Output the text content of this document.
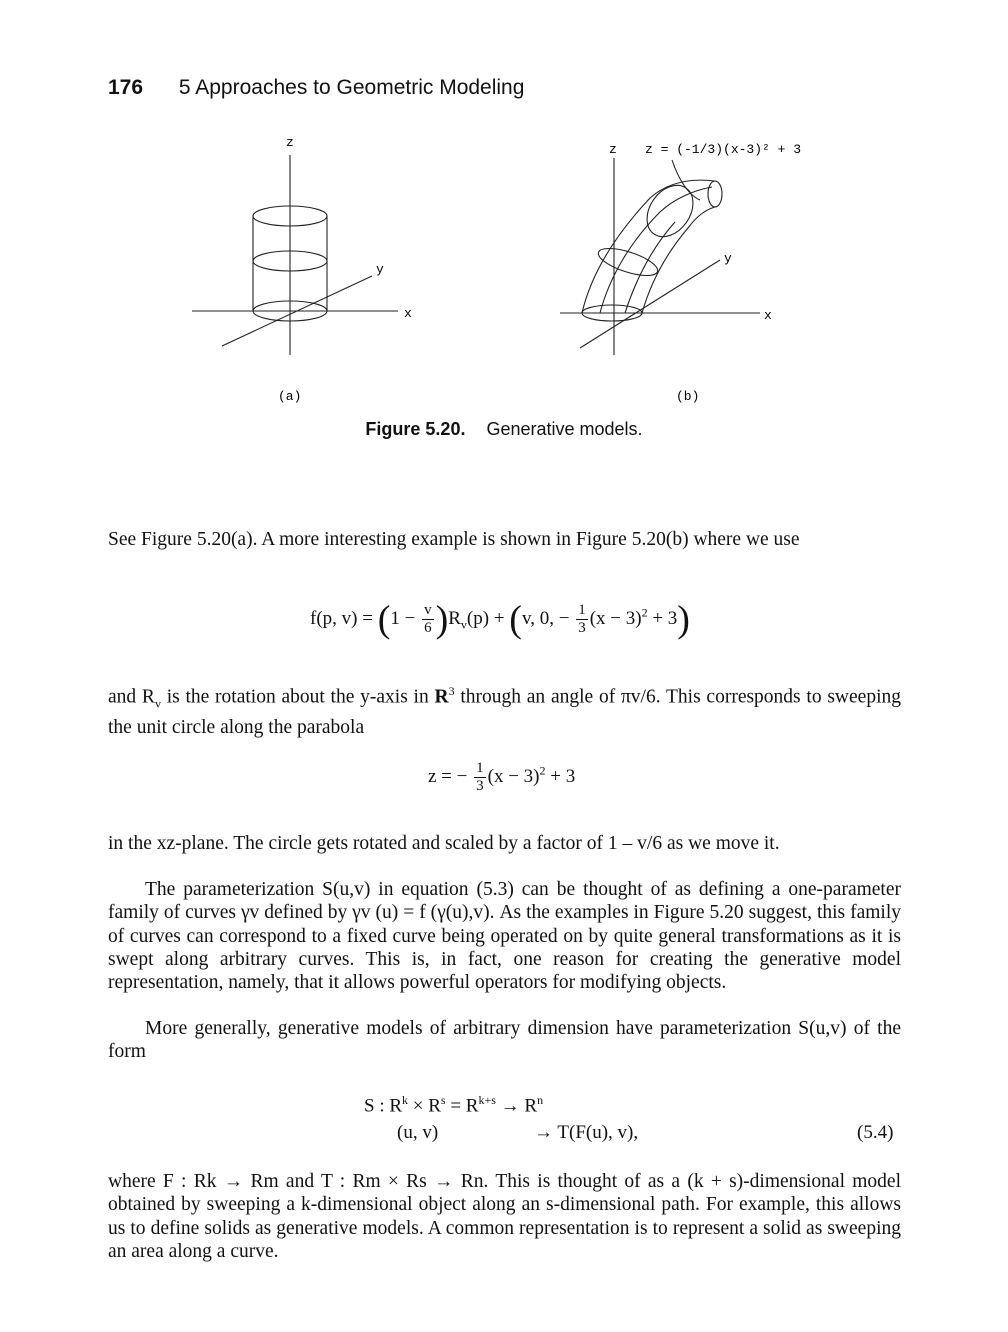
176 5 Approaches to Geometric Modeling
z
y
x
(a)
z z = (-1/3)(x-3)² + 3
y
x
(b)
Figure 5.20. Generative models.
See Figure 5.20(a). A more interesting example is shown in Figure 5.20(b) where we use
f(p, $v) = (1 - \frac{v}{6} )R_v(p) + (v$, 0, − $\frac{1}{3} (x - 3)^2 + 3$)
and $R_v$ is the rotation about the y-axis in $R^3$ through an angle of πv/6. This corresponds to sweeping the unit circle along the parabola
z = − $\frac{1}{3} (x - 3)^2 + 3$
in the xz-plane. The circle gets rotated and scaled by a factor of 1 – v/6 as we move it.
The parameterization S(u,v) in equation (5.3) can be thought of as defining a one-parameter family of curves γv defined by γv (u) = f (γ(u),v). As the examples in Figure 5.20 suggest, this family of curves can correspond to a fixed curve being operated on by quite general transformations as it is swept along arbitrary curves. This is, in fact, one reason for creating the generative model representation, namely, that it allows powerful operators for modifying objects.
More generally, generative models of arbitrary dimension have parameterization S(u,v) of the form
S : $R^k \times R^s = R^{k+s} \to R^n$
(u, v)	→ T(F(u), v),	(5.4)
where F : Rk → Rm and T : Rm × Rs → Rn. This is thought of as a (k + s)-dimensional model obtained by sweeping a k-dimensional object along an s-dimensional path. For example, this allows us to define solids as generative models. A common representation is to represent a solid as sweeping an area along a curve.
